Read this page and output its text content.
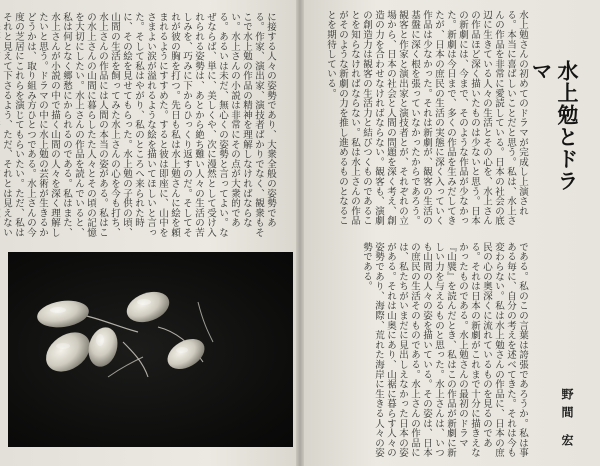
に接する人々の姿勢であり、大衆全般の姿勢である。作家、演出家、演技者ばかりでなく、観衆もそこで水上勉の作品の精神を理解しなければならない。水上さんの小説は非常にその点が大衆的である。あるいは未だ、無心くの姿勢と言ってよい。なぜならば、単に、美しくや、次に漫然として受け入れられる姿勢は、あとから絶ち難い人々の生活の苦しみを、巧みに下からひっくり返すのだ。そしてそれが彼の胸を打つ。先日も私は水上勉さんに絵を頼まれるようにすすめた。すると彼は即座に、山中をさまよい涙が溢れるような絵を描いてほしいと言った。そして私はやがり、私のところへ来られた時に、その絵を見せてもらった。水上勉の子供の頃、山間の生活を飼ってみた水上さんの心を今も打ち、水上さんの作品には人間の本当の姿がある。私はこの水上さんの山間に暮らしたた人々とその頃の記憶を大切にしたい。水上さんの作品を読んでいると、私は何となく郷愁にかられるのである。私はまた、水上さんが小説の中で描く山間の人々を深く理解したいと思う。ドラマの中に水上勉の芸術が生きるかどうかは、取り組み方ひとつである。水上さんの今度の芝居にこれらを演じてもらいたい。ただ、私はそれと見えて下さるよう、ただ、それとは見えない
水上勉さんの初めてのドラマが完成し上演される。本当に喜ばしいことだと思う。私は、水上さんの作品を非常に愛読している。日本の社会の底辺に生きている人々の生活とその心を、水上さんの作品ほど深く描いたものは少ないと思う。日本の新劇には、今まで、そのような作品が少なかった。新劇は今日まで、多くの作品を生みだしてきたが、日本の庶民の生活の実態に深く入っていく作品は少なかった。それは新劇が、観客の生活の基盤に深く根を張っていなかったからであろう。観客と作家と演出家と演技者とが、それぞれの立場から、日本の社会と人間の問題を深く考え、創造の力を合わせなければならない。観客も、演劇の創造力は観客の生活力と結びつくものであることを知らなければならない。私は水上さんの作品がそのような新劇の力を推し進めるものとなることを期待している。
である。私のこの言葉は誇張であろうか。私は事ある毎に、自分の考えを述べてきた。それは今も変わらない。私は水上勉さんの作品に、日本の庶民の心の奥深くに流れているものを見るのである。それは日本の新劇がこれまで十分に描きえなかったものである。水上勉さんの最初のドラマ『山襞』を読んだとき、私はこの作品が新劇に新しい力を与えるものと思った。水上さんは、いつも山間の人々の姿を描いている。その姿は、日本の庶民の生活そのものである。水上さんの作品には、私たちがいまだに見出しえなかった日本の姿がある。それは山奥にあり、山裾に暮らす人々の姿勢であり、海際、荒れた海岸に生きる人々の姿勢である。
水上勉とドラマ
野間 宏
